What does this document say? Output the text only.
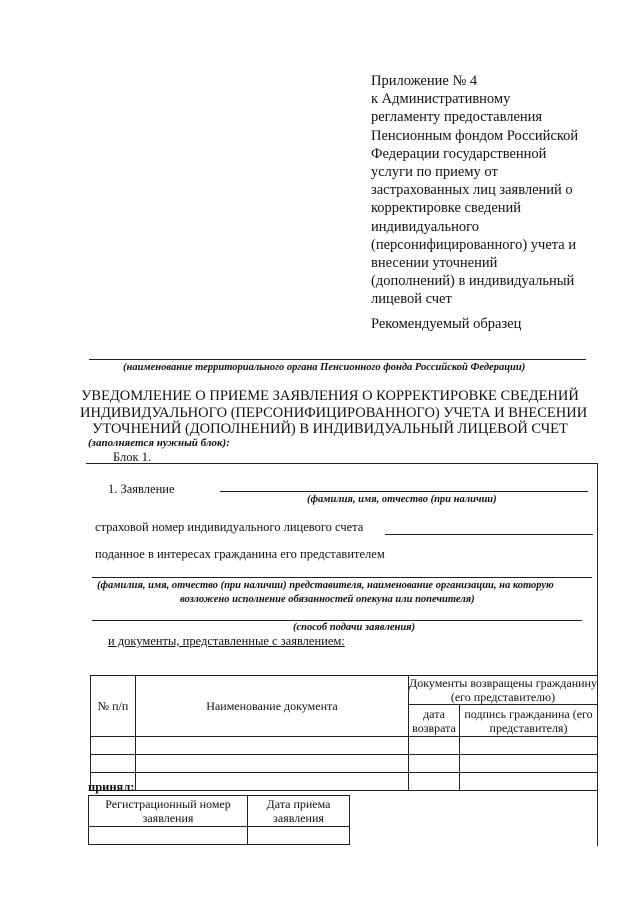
Приложение № 4
к Административному
регламенту предоставления
Пенсионным фондом Российской
Федерации государственной
услуги по приему от
застрахованных лиц заявлений о
корректировке сведений
индивидуального
(персонифицированного) учета и
внесении уточнений
(дополнений) в индивидуальный
лицевой счет
Рекомендуемый образец
(наименование территориального органа Пенсионного фонда Российской Федерации)
УВЕДОМЛЕНИЕ О ПРИЕМЕ ЗАЯВЛЕНИЯ О КОРРЕКТИРОВКЕ СВЕДЕНИЙ
ИНДИВИДУАЛЬНОГО (ПЕРСОНИФИЦИРОВАННОГО) УЧЕТА И ВНЕСЕНИИ
УТОЧНЕНИЙ (ДОПОЛНЕНИЙ) В ИНДИВИДУАЛЬНЫЙ ЛИЦЕВОЙ СЧЕТ
(заполняется нужный блок):
Блок 1.
1. Заявление
(фамилия, имя, отчество (при наличии)
страховой номер индивидуального лицевого счета
поданное в интересах гражданина его представителем
(фамилия, имя, отчество (при наличии) представителя, наименование организации, на которую
возложено исполнение обязанностей опекуна или попечителя)
(способ подачи заявления)
и документы, представленные с заявлением:
№ п/п	Наименование документа	Документы возвращены гражданину (его представителю)	
		дата возврата	подпись гражданина (его представителя)

принял:
Регистрационный номер заявления	Дата приема заявления
